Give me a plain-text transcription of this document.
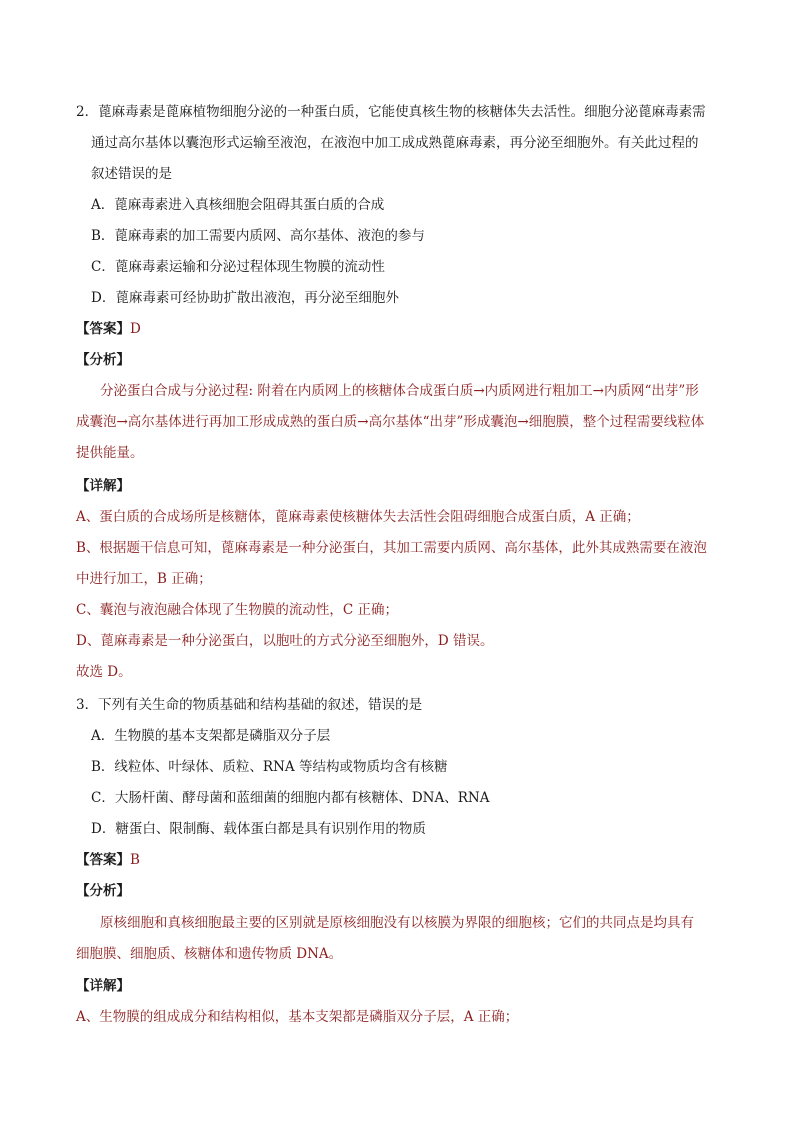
2．蓖麻毒素是蓖麻植物细胞分泌的一种蛋白质，它能使真核生物的核糖体失去活性。细胞分泌蓖麻毒素需
通过高尔基体以囊泡形式运输至液泡，在液泡中加工成成熟蓖麻毒素，再分泌至细胞外。有关此过程的
叙述错误的是
A．蓖麻毒素进入真核细胞会阻碍其蛋白质的合成
B．蓖麻毒素的加工需要内质网、高尔基体、液泡的参与
C．蓖麻毒素运输和分泌过程体现生物膜的流动性
D．蓖麻毒素可经协助扩散出液泡，再分泌至细胞外
【答案】D
【分析】
分泌蛋白合成与分泌过程: 附着在内质网上的核糖体合成蛋白质→内质网进行粗加工→内质网“出芽”形
成囊泡→高尔基体进行再加工形成成熟的蛋白质→高尔基体“出芽”形成囊泡→细胞膜，整个过程需要线粒体
提供能量。
【详解】
A、蛋白质的合成场所是核糖体，蓖麻毒素使核糖体失去活性会阻碍细胞合成蛋白质，A 正确；
B、根据题干信息可知，蓖麻毒素是一种分泌蛋白，其加工需要内质网、高尔基体，此外其成熟需要在液泡
中进行加工，B 正确；
C、囊泡与液泡融合体现了生物膜的流动性，C 正确；
D、蓖麻毒素是一种分泌蛋白，以胞吐的方式分泌至细胞外，D 错误。
故选 D。
3．下列有关生命的物质基础和结构基础的叙述，错误的是
A．生物膜的基本支架都是磷脂双分子层
B．线粒体、叶绿体、质粒、RNA 等结构或物质均含有核糖
C．大肠杆菌、酵母菌和蓝细菌的细胞内都有核糖体、DNA、RNA
D．糖蛋白、限制酶、载体蛋白都是具有识别作用的物质
【答案】B
【分析】
原核细胞和真核细胞最主要的区别就是原核细胞没有以核膜为界限的细胞核；它们的共同点是均具有
细胞膜、细胞质、核糖体和遗传物质 DNA。
【详解】
A、生物膜的组成成分和结构相似，基本支架都是磷脂双分子层，A 正确；
